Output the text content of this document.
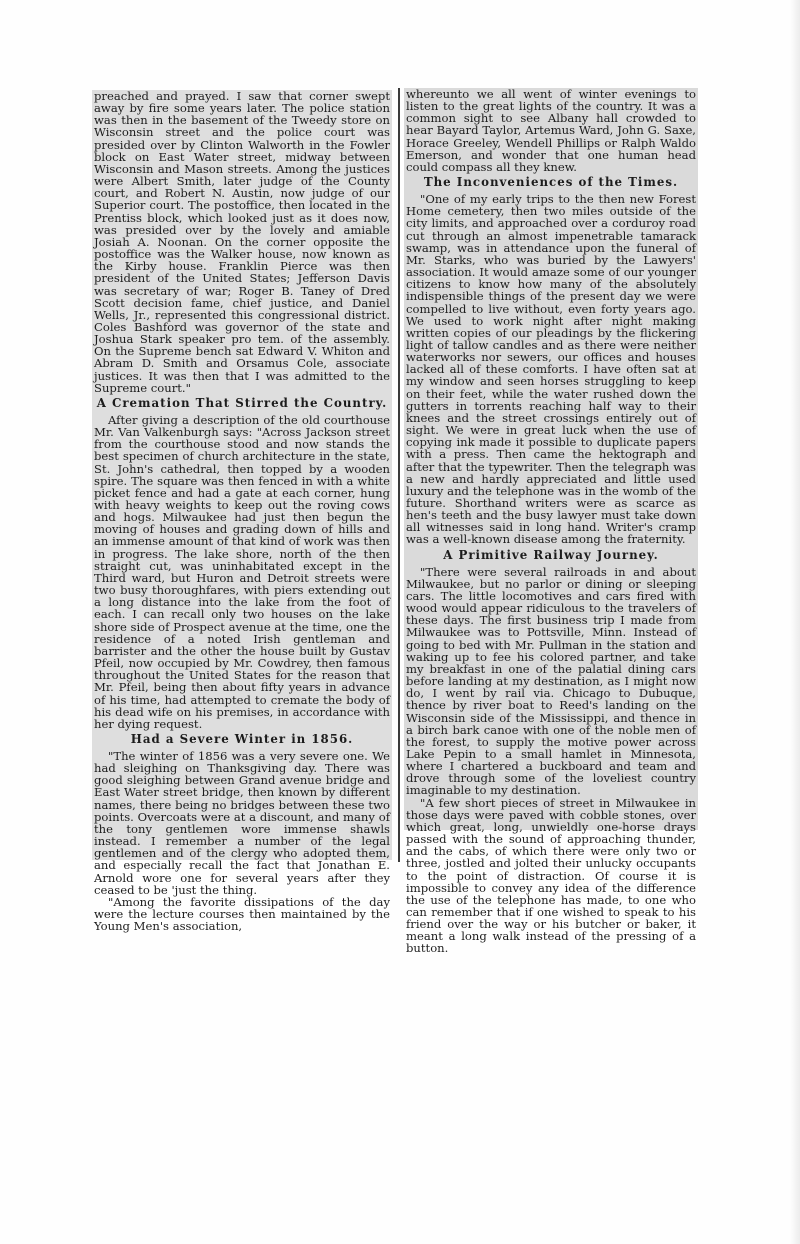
preached and prayed. I saw that corner swept away by fire some years later. The police station was then in the basement of the Tweedy store on Wisconsin street and the police court was presided over by Clinton Walworth in the Fowler block on East Water street, midway between Wisconsin and Mason streets. Among the justices were Albert Smith, later judge of the County court, and Robert N. Austin, now judge of our Superior court. The postoffice, then located in the Prentiss block, which looked just as it does now, was presided over by the lovely and amiable Josiah A. Noonan. On the corner opposite the postoffice was the Walker house, now known as the Kirby house. Franklin Pierce was then president of the United States; Jefferson Davis was secretary of war; Roger B. Taney of Dred Scott decision fame, chief justice, and Daniel Wells, Jr., represented this congressional district. Coles Bashford was governor of the state and Joshua Stark speaker pro tem. of the assembly. On the Supreme bench sat Edward V. Whiton and Abram D. Smith and Orsamus Cole, associate justices. It was then that I was admitted to the Supreme court."

A Cremation That Stirred the Country.

After giving a description of the old courthouse Mr. Van Valkenburgh says: "Across Jackson street from the courthouse stood and now stands the best specimen of church architecture in the state, St. John's cathedral, then topped by a wooden spire. The square was then fenced in with a white picket fence and had a gate at each corner, hung with heavy weights to keep out the roving cows and hogs. Milwaukee had just then begun the moving of houses and grading down of hills and an immense amount of that kind of work was then in progress. The lake shore, north of the then straight cut, was uninhabitated except in the Third ward, but Huron and Detroit streets were two busy thoroughfares, with piers extending out a long distance into the lake from the foot of each. I can recall only two houses on the lake shore side of Prospect avenue at the time, one the residence of a noted Irish gentleman and barrister and the other the house built by Gustav Pfeil, now occupied by Mr. Cowdrey, then famous throughout the United States for the reason that Mr. Pfeil, being then about fifty years in advance of his time, had attempted to cremate the body of his dead wife on his premises, in accordance with her dying request.

Had a Severe Winter in 1856.

"The winter of 1856 was a very severe one. We had sleighing on Thanksgiving day. There was good sleighing between Grand avenue bridge and East Water street bridge, then known by different names, there being no bridges between these two points. Overcoats were at a discount, and many of the tony gentlemen wore immense shawls instead. I remember a number of the legal gentlemen and of the clergy who adopted them, and especially recall the fact that Jonathan E. Arnold wore one for several years after they ceased to be 'just the thing.

"Among the favorite dissipations of the day were the lecture courses then maintained by the Young Men's association,

whereunto we all went of winter evenings to listen to the great lights of the country. It was a common sight to see Albany hall crowded to hear Bayard Taylor, Artemus Ward, John G. Saxe, Horace Greeley, Wendell Phillips or Ralph Waldo Emerson, and wonder that one human head could compass all they knew.

The Inconveniences of the Times.

"One of my early trips to the then new Forest Home cemetery, then two miles outside of the city limits, and approached over a corduroy road cut through an almost impenetrable tamarack swamp, was in attendance upon the funeral of Mr. Starks, who was buried by the Lawyers' association. It would amaze some of our younger citizens to know how many of the absolutely indispensible things of the present day we were compelled to live without, even forty years ago. We used to work night after night making written copies of our pleadings by the flickering light of tallow candles and as there were neither waterworks nor sewers, our offices and houses lacked all of these comforts. I have often sat at my window and seen horses struggling to keep on their feet, while the water rushed down the gutters in torrents reaching half way to their knees and the street crossings entirely out of sight. We were in great luck when the use of copying ink made it possible to duplicate papers with a press. Then came the hektograph and after that the typewriter. Then the telegraph was a new and hardly appreciated and little used luxury and the telephone was in the womb of the future. Shorthand writers were as scarce as hen's teeth and the busy lawyer must take down all witnesses said in long hand. Writer's cramp was a well-known disease among the fraternity.

A Primitive Railway Journey.

"There were several railroads in and about Milwaukee, but no parlor or dining or sleeping cars. The little locomotives and cars fired with wood would appear ridiculous to the travelers of these days. The first business trip I made from Milwaukee was to Pottsville, Minn. Instead of going to bed with Mr. Pullman in the station and waking up to fee his colored partner, and take my breakfast in one of the palatial dining cars before landing at my destination, as I might now do, I went by rail via. Chicago to Dubuque, thence by river boat to Reed's landing on the Wisconsin side of the Mississippi, and thence in a birch bark canoe with one of the noble men of the forest, to supply the motive power across Lake Pepin to a small hamlet in Minnesota, where I chartered a buckboard and team and drove through some of the loveliest country imaginable to my destination.

"A few short pieces of street in Milwaukee in those days were paved with cobble stones, over which great, long, unwieldly one-horse drays passed with the sound of approaching thunder, and the cabs, of which there were only two or three, jostled and jolted their unlucky occupants to the point of distraction. Of course it is impossible to convey any idea of the difference the use of the telephone has made, to one who can remember that if one wished to speak to his friend over the way or his butcher or baker, it meant a long walk instead of the pressing of a button.
